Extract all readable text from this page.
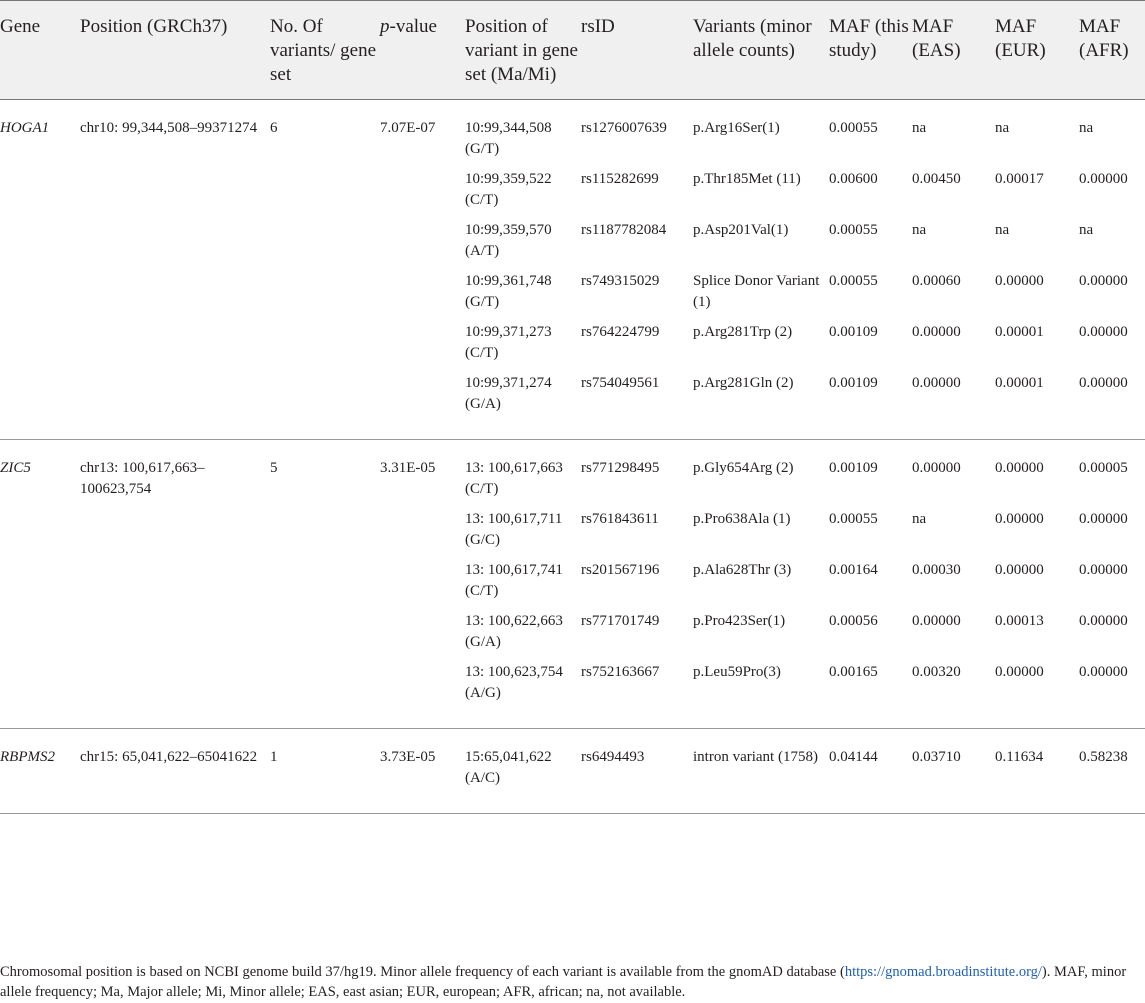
Gene	Position (GRCh37)	No. Of variants/ gene set	p-value	Position of variant in gene set (Ma/Mi)	rsID	Variants (minor allele counts)	MAF (this study)	MAF (EAS)	MAF (EUR)	MAF (AFR)
HOGA1	chr10: 99,344,508–99371274	6	7.07E-07	10:99,344,508 (G/T)	rs1276007639	p.Arg16Ser(1)	0.00055	na	na	na
				10:99,359,522 (C/T)	rs115282699	p.Thr185Met (11)	0.00600	0.00450	0.00017	0.00000
				10:99,359,570 (A/T)	rs1187782084	p.Asp201Val(1)	0.00055	na	na	na
				10:99,361,748 (G/T)	rs749315029	Splice Donor Variant (1)	0.00055	0.00060	0.00000	0.00000
				10:99,371,273 (C/T)	rs764224799	p.Arg281Trp (2)	0.00109	0.00000	0.00001	0.00000
				10:99,371,274 (G/A)	rs754049561	p.Arg281Gln (2)	0.00109	0.00000	0.00001	0.00000
ZIC5	chr13: 100,617,663–100623,754	5	3.31E-05	13: 100,617,663 (C/T)	rs771298495	p.Gly654Arg (2)	0.00109	0.00000	0.00000	0.00005
				13: 100,617,711 (G/C)	rs761843611	p.Pro638Ala (1)	0.00055	na	0.00000	0.00000
				13: 100,617,741 (C/T)	rs201567196	p.Ala628Thr (3)	0.00164	0.00030	0.00000	0.00000
				13: 100,622,663 (G/A)	rs771701749	p.Pro423Ser(1)	0.00056	0.00000	0.00013	0.00000
				13: 100,623,754 (A/G)	rs752163667	p.Leu59Pro(3)	0.00165	0.00320	0.00000	0.00000
RBPMS2	chr15: 65,041,622–65041622	1	3.73E-05	15:65,041,622 (A/C)	rs6494493	intron variant (1758)	0.04144	0.03710	0.11634	0.58238
Chromosomal position is based on NCBI genome build 37/hg19. Minor allele frequency of each variant is available from the gnomAD database (https://gnomad.broadinstitute.org/). MAF, minor allele frequency; Ma, Major allele; Mi, Minor allele; EAS, east asian; EUR, european; AFR, african; na, not available.
